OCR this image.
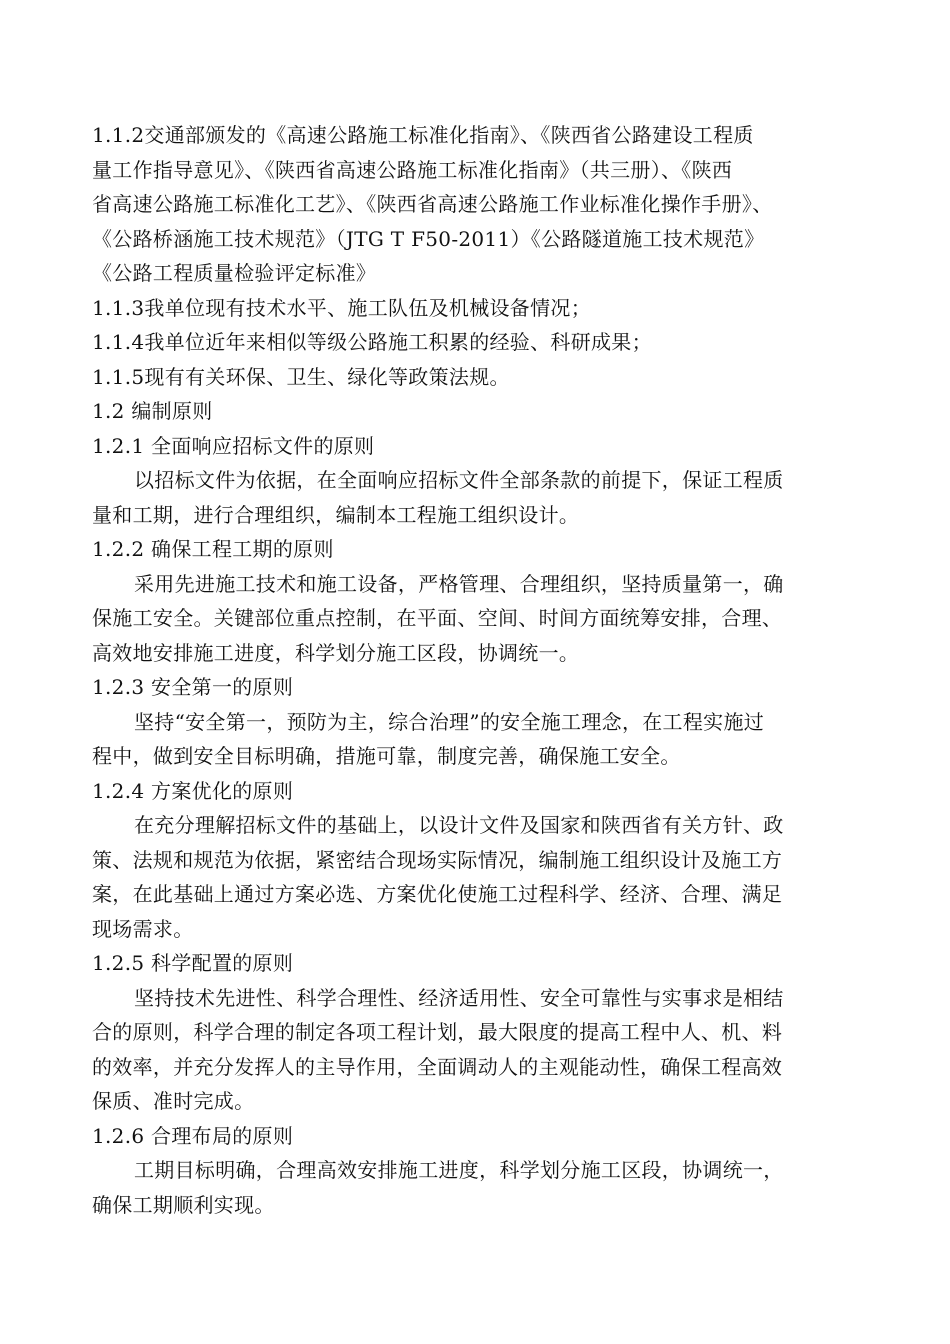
1.1.2交通部颁发的《高速公路施工标准化指南》、《陕西省公路建设工程质
量工作指导意见》、《陕西省高速公路施工标准化指南》（共三册）、《陕西
省高速公路施工标准化工艺》、《陕西省高速公路施工作业标准化操作手册》、
《公路桥涵施工技术规范》（JTG T F50-2011）《公路隧道施工技术规范》
《公路工程质量检验评定标准》
1.1.3我单位现有技术水平、施工队伍及机械设备情况；
1.1.4我单位近年来相似等级公路施工积累的经验、科研成果；
1.1.5现有有关环保、卫生、绿化等政策法规。
1.2 编制原则
1.2.1 全面响应招标文件的原则
以招标文件为依据，在全面响应招标文件全部条款的前提下，保证工程质
量和工期，进行合理组织，编制本工程施工组织设计。
1.2.2 确保工程工期的原则
采用先进施工技术和施工设备，严格管理、合理组织，坚持质量第一，确
保施工安全。关键部位重点控制，在平面、空间、时间方面统筹安排，合理、
高效地安排施工进度，科学划分施工区段，协调统一。
1.2.3 安全第一的原则
坚持“安全第一，预防为主，综合治理”的安全施工理念，在工程实施过
程中，做到安全目标明确，措施可靠，制度完善，确保施工安全。
1.2.4 方案优化的原则
在充分理解招标文件的基础上，以设计文件及国家和陕西省有关方针、政
策、法规和规范为依据，紧密结合现场实际情况，编制施工组织设计及施工方
案，在此基础上通过方案必选、方案优化使施工过程科学、经济、合理、满足
现场需求。
1.2.5 科学配置的原则
坚持技术先进性、科学合理性、经济适用性、安全可靠性与实事求是相结
合的原则，科学合理的制定各项工程计划，最大限度的提高工程中人、机、料
的效率，并充分发挥人的主导作用，全面调动人的主观能动性，确保工程高效
保质、准时完成。
1.2.6 合理布局的原则
工期目标明确，合理高效安排施工进度，科学划分施工区段，协调统一，
确保工期顺利实现。
